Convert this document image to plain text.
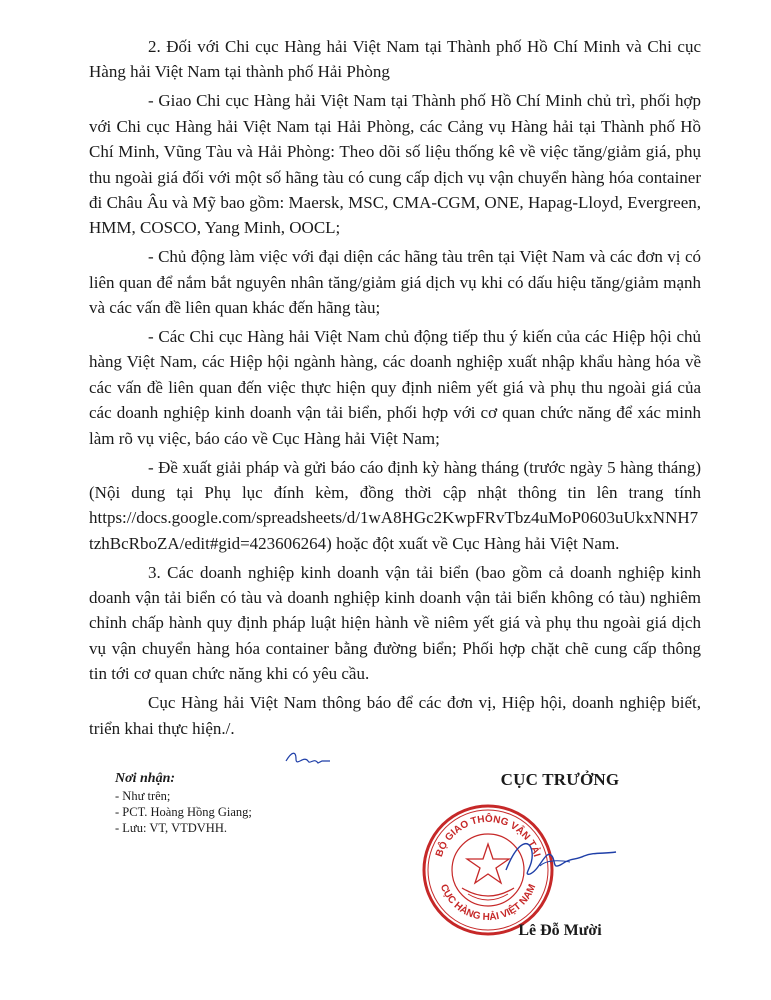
2. Đối với Chi cục Hàng hải Việt Nam tại Thành phố Hồ Chí Minh và Chi cục Hàng hải Việt Nam tại thành phố Hải Phòng

- Giao Chi cục Hàng hải Việt Nam tại Thành phố Hồ Chí Minh chủ trì, phối hợp với Chi cục Hàng hải Việt Nam tại Hải Phòng, các Cảng vụ Hàng hải tại Thành phố Hồ Chí Minh, Vũng Tàu và Hải Phòng: Theo dõi số liệu thống kê về việc tăng/giảm giá, phụ thu ngoài giá đối với một số hãng tàu có cung cấp dịch vụ vận chuyển hàng hóa container đi Châu Âu và Mỹ bao gồm: Maersk, MSC, CMA-CGM, ONE, Hapag-Lloyd, Evergreen, HMM, COSCO, Yang Minh, OOCL;

- Chủ động làm việc với đại diện các hãng tàu trên tại Việt Nam và các đơn vị có liên quan để nắm bắt nguyên nhân tăng/giảm giá dịch vụ khi có dấu hiệu tăng/giảm mạnh và các vấn đề liên quan khác đến hãng tàu;

- Các Chi cục Hàng hải Việt Nam chủ động tiếp thu ý kiến của các Hiệp hội chủ hàng Việt Nam, các Hiệp hội ngành hàng, các doanh nghiệp xuất nhập khẩu hàng hóa về các vấn đề liên quan đến việc thực hiện quy định niêm yết giá và phụ thu ngoài giá của các doanh nghiệp kinh doanh vận tải biển, phối hợp với cơ quan chức năng để xác minh làm rõ vụ việc, báo cáo về Cục Hàng hải Việt Nam;

- Đề xuất giải pháp và gửi báo cáo định kỳ hàng tháng (trước ngày 5 hàng tháng) (Nội dung tại Phụ lục đính kèm, đồng thời cập nhật thông tin lên trang tính https://docs.google.com/spreadsheets/d/1wA8HGc2KwpFRvTbz4uMoP0603uUkxNNH7tzhBcRboZA/edit#gid=423606264) hoặc đột xuất về Cục Hàng hải Việt Nam.

3. Các doanh nghiệp kinh doanh vận tải biển (bao gồm cả doanh nghiệp kinh doanh vận tải biển có tàu và doanh nghiệp kinh doanh vận tải biển không có tàu) nghiêm chỉnh chấp hành quy định pháp luật hiện hành về niêm yết giá và phụ thu ngoài giá dịch vụ vận chuyển hàng hóa container bằng đường biển; Phối hợp chặt chẽ cung cấp thông tin tới cơ quan chức năng khi có yêu cầu.

Cục Hàng hải Việt Nam thông báo để các đơn vị, Hiệp hội, doanh nghiệp biết, triển khai thực hiện./.

Nơi nhận:
- Như trên;
- PCT. Hoàng Hồng Giang;
- Lưu: VT, VTDVHH.
CỤC TRƯỞNG
BỘ GIAO THÔNG VẬN TẢI
CỤC HÀNG HẢI VIỆT NAM
Lê Đỗ Mười
